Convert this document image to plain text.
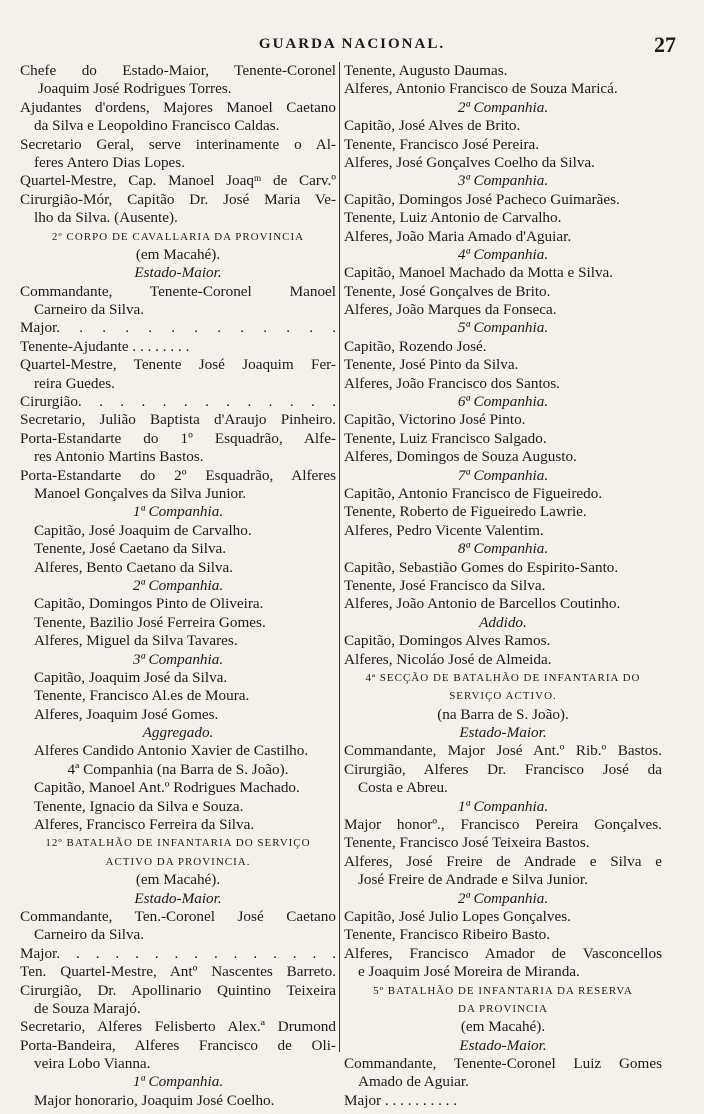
GUARDA NACIONAL.	27
Chefe do Estado-Maior, Tenente-Coronel
Joaquim José Rodrigues Torres.
Ajudantes d'ordens, Majores Manoel Caetano
da Silva e Leopoldino Francisco Caldas.
Secretario Geral, serve interinamente o Al-
feres Antero Dias Lopes.
Quartel-Mestre, Cap. Manoel Joaqᵐ de Carv.º
Cirurgião-Mór, Capitão Dr. José Maria Ve-
lho da Silva. (Ausente).
2º CORPO DE CAVALLARIA DA PROVINCIA
(em Macahé).
Estado-Maior.
Commandante, Tenente-Coronel Manoel
Carneiro da Silva.
Major. . . . . . . . . . . . .
Tenente-Ajudante . . . . . . . .
Quartel-Mestre, Tenente José Joaquim Fer-
reira Guedes.
Cirurgião. . . . . . . . . . . . .
Secretario, Julião Baptista d'Araujo Pinheiro.
Porta-Estandarte do 1º Esquadrão, Alfe-
res Antonio Martins Bastos.
Porta-Estandarte do 2º Esquadrão, Alferes
Manoel Gonçalves da Silva Junior.
1ª Companhia.
Capitão, José Joaquim de Carvalho.
Tenente, José Caetano da Silva.
Alferes, Bento Caetano da Silva.
2ª Companhia.
Capitão, Domingos Pinto de Oliveira.
Tenente, Bazilio José Ferreira Gomes.
Alferes, Miguel da Silva Tavares.
3ª Companhia.
Capitão, Joaquim José da Silva.
Tenente, Francisco Al.es de Moura.
Alferes, Joaquim José Gomes.
Aggregado.
Alferes Candido Antonio Xavier de Castilho.
4ª Companhia (na Barra de S. João).
Capitão, Manoel Ant.º Rodrigues Machado.
Tenente, Ignacio da Silva e Souza.
Alferes, Francisco Ferreira da Silva.
12º BATALHÃO DE INFANTARIA DO SERVIÇO
ACTIVO DA PROVINCIA.
(em Macahé).
Estado-Maior.
Commandante, Ten.-Coronel José Caetano
Carneiro da Silva.
Major. . . . . . . . . . . . . . .
Ten. Quartel-Mestre, Antº Nascentes Barreto.
Cirurgião, Dr. Apollinario Quintino Teixeira
de Souza Marajó.
Secretario, Alferes Felisberto Alex.ª Drumond
Porta-Bandeira, Alferes Francisco de Oli-
veira Lobo Vianna.
1ª Companhia.
Major honorario, Joaquim José Coelho.
Tenente, Augusto Daumas.
Alferes, Antonio Francisco de Souza Maricá.
2ª Companhia.
Capitão, José Alves de Brito.
Tenente, Francisco José Pereira.
Alferes, José Gonçalves Coelho da Silva.
3ª Companhia.
Capitão, Domingos José Pacheco Guimarães.
Tenente, Luiz Antonio de Carvalho.
Alferes, João Maria Amado d'Aguiar.
4ª Companhia.
Capitão, Manoel Machado da Motta e Silva.
Tenente, José Gonçalves de Brito.
Alferes, João Marques da Fonseca.
5ª Companhia.
Capitão, Rozendo José.
Tenente, José Pinto da Silva.
Alferes, João Francisco dos Santos.
6ª Companhia.
Capitão, Victorino José Pinto.
Tenente, Luiz Francisco Salgado.
Alferes, Domingos de Souza Augusto.
7ª Companhia.
Capitão, Antonio Francisco de Figueiredo.
Tenente, Roberto de Figueiredo Lawrie.
Alferes, Pedro Vicente Valentim.
8ª Companhia.
Capitão, Sebastião Gomes do Espirito-Santo.
Tenente, José Francisco da Silva.
Alferes, João Antonio de Barcellos Coutinho.
Addido.
Capitão, Domingos Alves Ramos.
Alferes, Nicoláo José de Almeida.
4ª SECÇÃO DE BATALHÃO DE INFANTARIA DO
SERVIÇO ACTIVO.
(na Barra de S. João).
Estado-Maior.
Commandante, Major José Ant.º Rib.º Bastos.
Cirurgião, Alferes Dr. Francisco José da
Costa e Abreu.
1ª Companhia.
Major honorº., Francisco Pereira Gonçalves.
Tenente, Francisco José Teixeira Bastos.
Alferes, José Freire de Andrade e Silva e
José Freire de Andrade e Silva Junior.
2ª Companhia.
Capitão, José Julio Lopes Gonçalves.
Tenente, Francisco Ribeiro Basto.
Alferes, Francisco Amador de Vasconcellos
e Joaquim José Moreira de Miranda.
5º BATALHÃO DE INFANTARIA DA RESERVA
DA PROVINCIA
(em Macahé).
Estado-Maior.
Commandante, Tenente-Coronel Luiz Gomes
Amado de Aguiar.
Major . . . . . . . . . .
